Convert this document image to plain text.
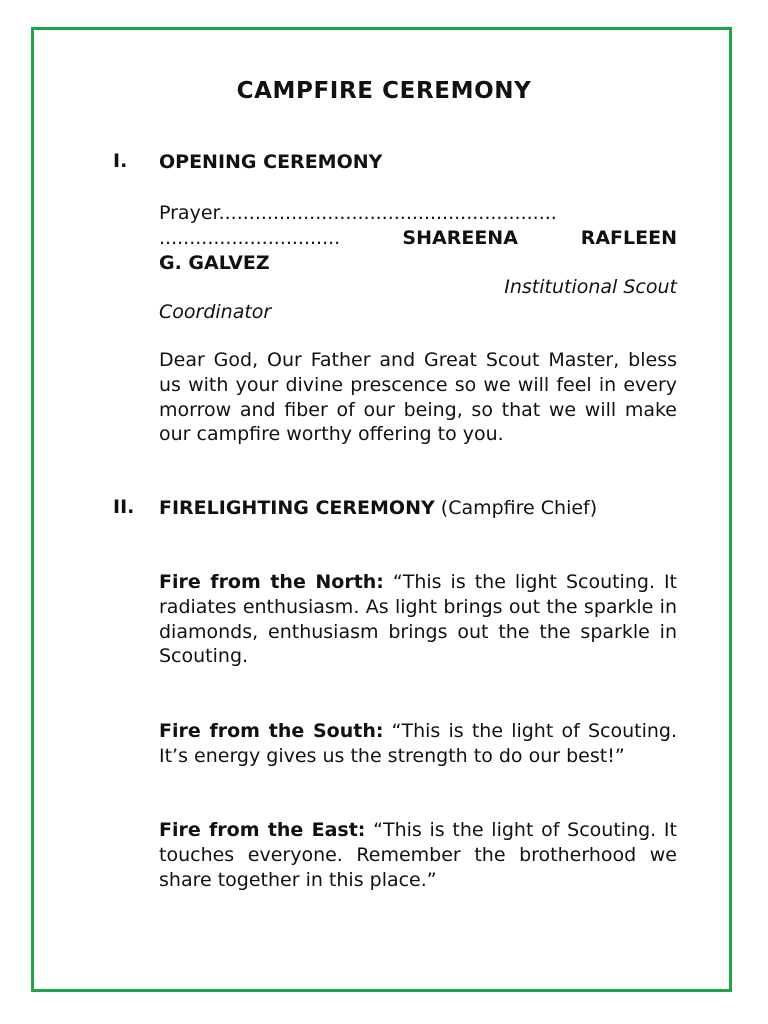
CAMPFIRE CEREMONY
I. OPENING CEREMONY
Prayer........................................................
..............................	SHAREENA RAFLEEN
G. GALVEZ
Institutional Scout
Coordinator
Dear God, Our Father and Great Scout Master, bless us with your divine prescence so we will feel in every morrow and fiber of our being, so that we will make our campfire worthy offering to you.
II. FIRELIGHTING CEREMONY (Campfire Chief)
Fire from the North: “This is the light Scouting. It radiates enthusiasm. As light brings out the sparkle in diamonds, enthusiasm brings out the the sparkle in Scouting.
Fire from the South: “This is the light of Scouting. It’s energy gives us the strength to do our best!”
Fire from the East: “This is the light of Scouting. It touches everyone. Remember the brotherhood we share together in this place.”
